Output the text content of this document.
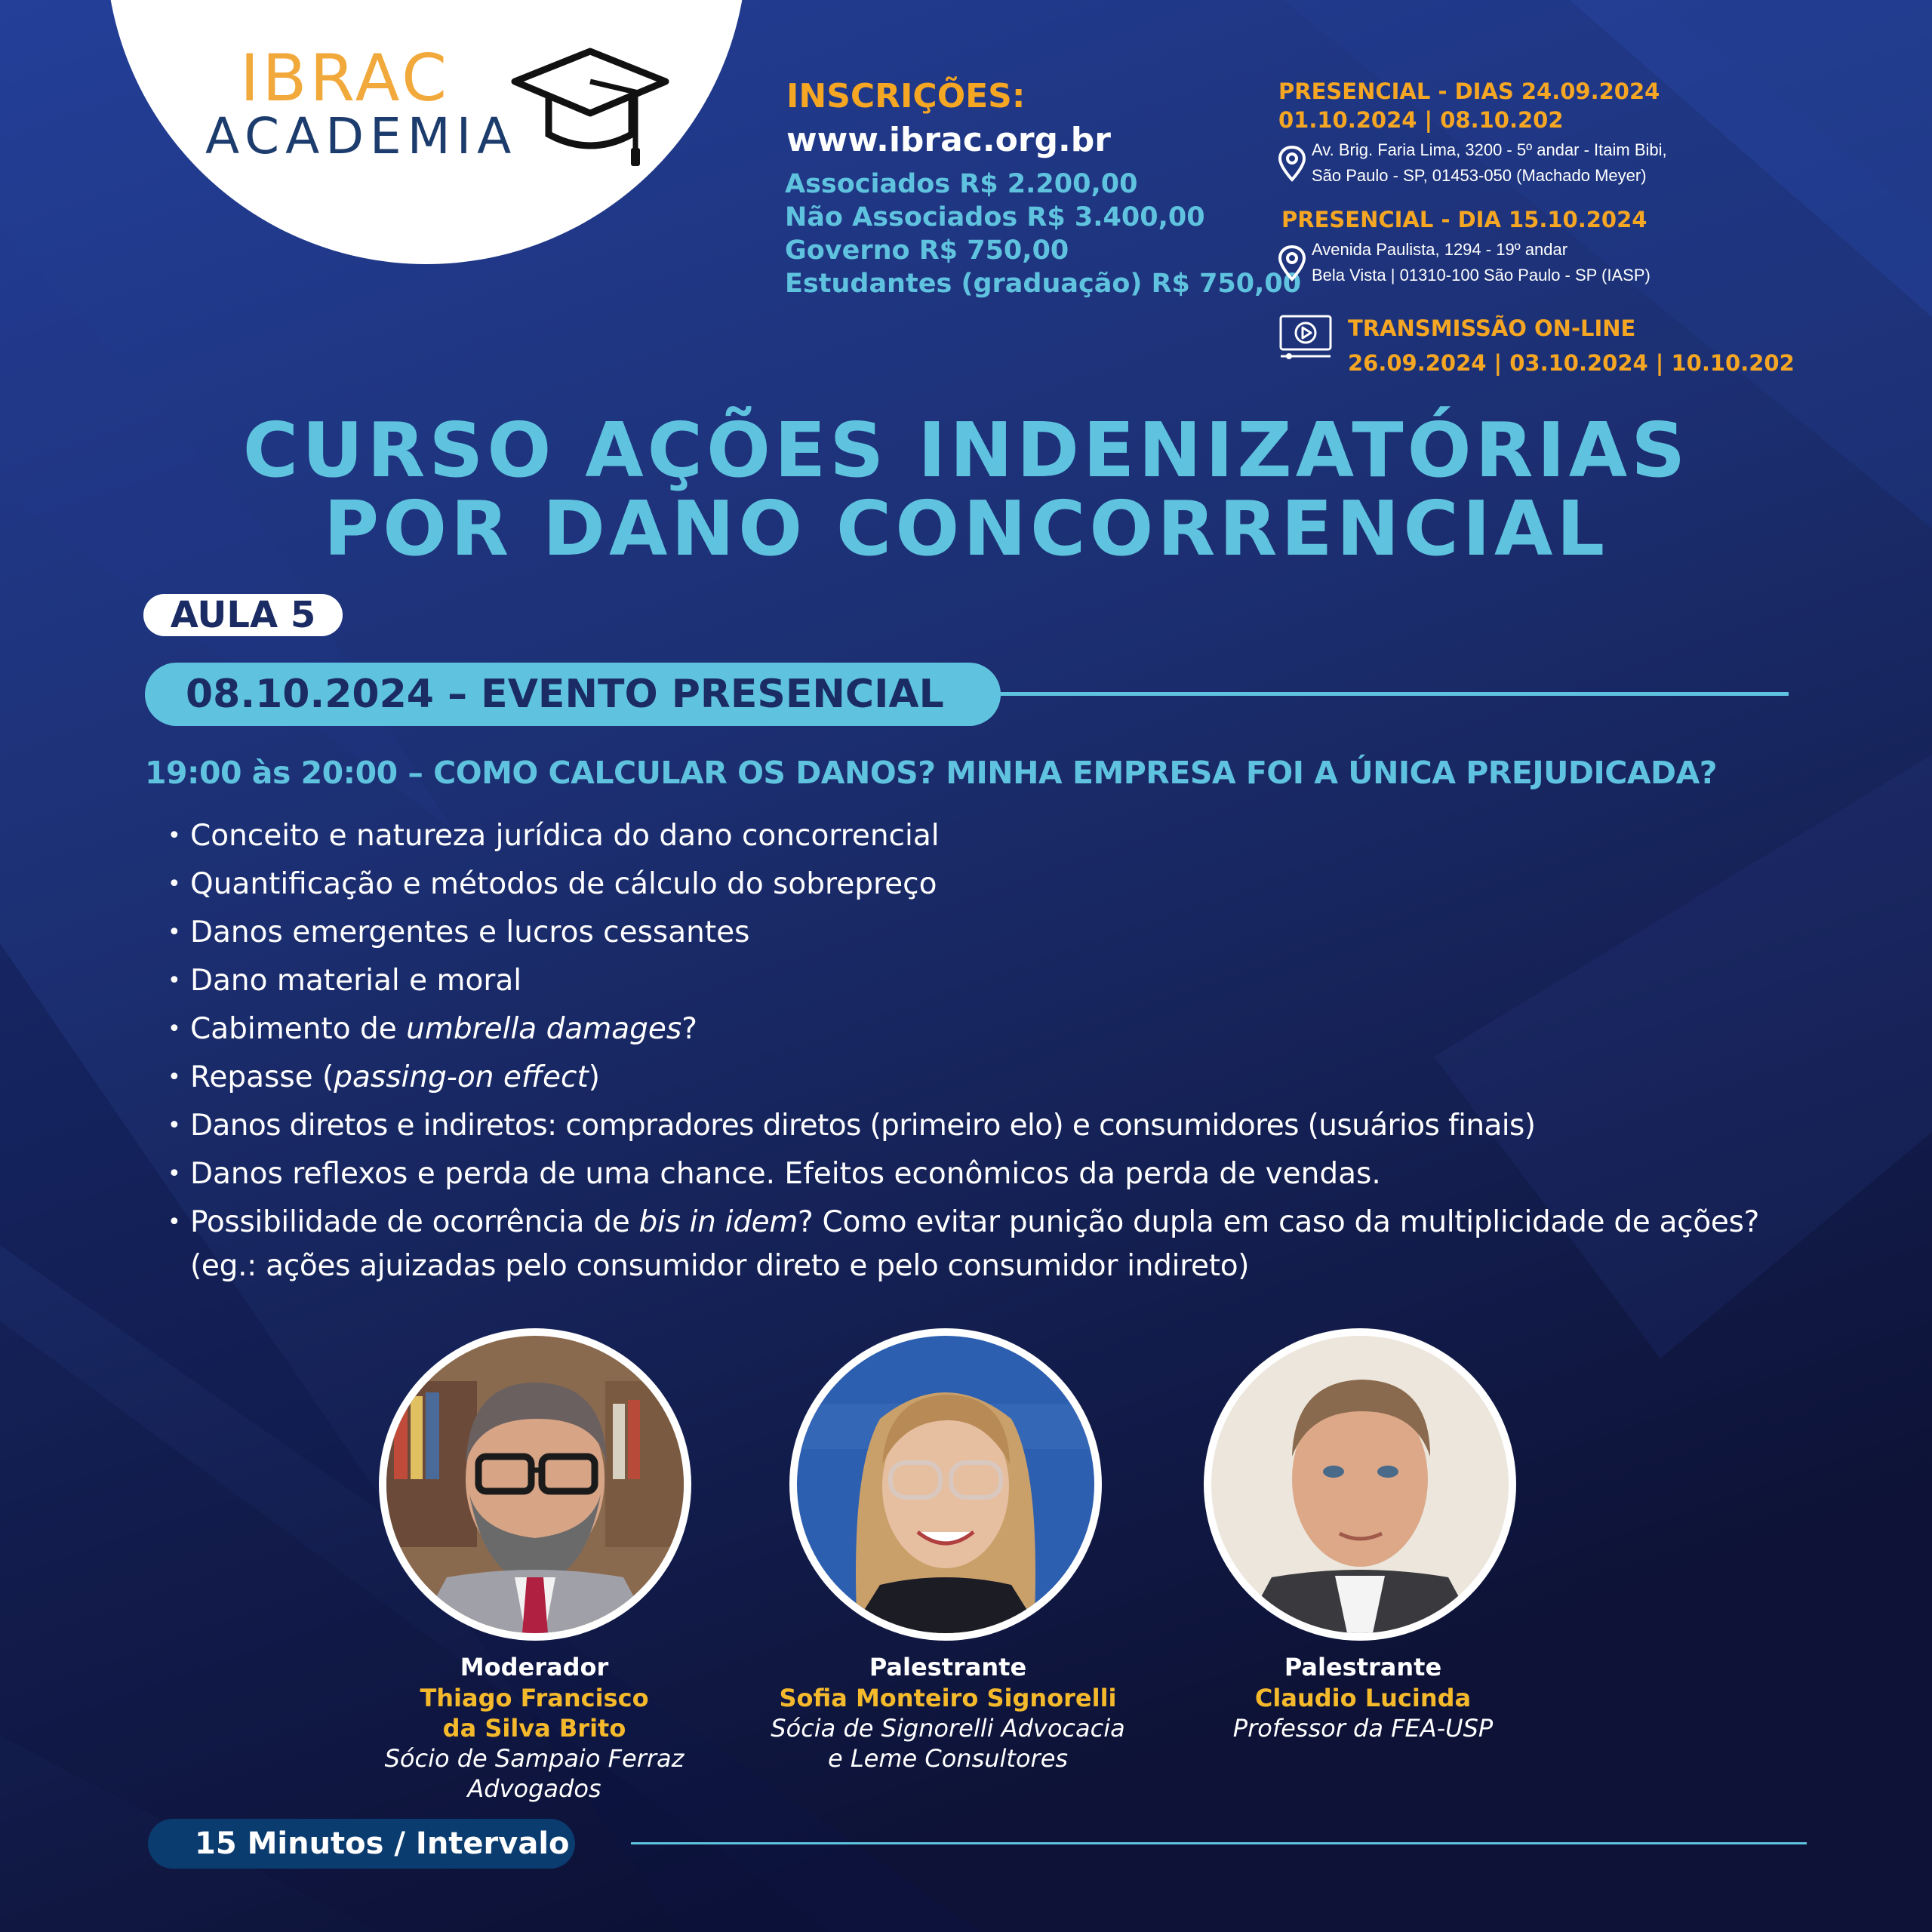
IBRAC
ACADEMIA
INSCRIÇÕES:
www.ibrac.org.br
Associados R$ 2.200,00
Não Associados R$ 3.400,00
Governo R$ 750,00
Estudantes (graduação) R$ 750,00
PRESENCIAL - DIAS 24.09.2024
01.10.2024 | 08.10.202
Av. Brig. Faria Lima, 3200 - 5º andar - Itaim Bibi,
São Paulo - SP, 01453-050 (Machado Meyer)
PRESENCIAL - DIA 15.10.2024
Avenida Paulista, 1294 - 19º andar
Bela Vista | 01310-100 São Paulo - SP (IASP)
TRANSMISSÃO ON-LINE
26.09.2024 | 03.10.2024 | 10.10.202
CURSO AÇÕES INDENIZATÓRIAS
POR DANO CONCORRENCIAL
AULA 5
08.10.2024 – EVENTO PRESENCIAL
19:00 às 20:00 – COMO CALCULAR OS DANOS? MINHA EMPRESA FOI A ÚNICA PREJUDICADA?
• Conceito e natureza jurídica do dano concorrencial
• Quantificação e métodos de cálculo do sobrepreço
• Danos emergentes e lucros cessantes
• Dano material e moral
• Cabimento de umbrella damages?
• Repasse (passing-on effect)
• Danos diretos e indiretos: compradores diretos (primeiro elo) e consumidores (usuários finais)
• Danos reflexos e perda de uma chance. Efeitos econômicos da perda de vendas.
• Possibilidade de ocorrência de bis in idem? Como evitar punição dupla em caso da multiplicidade de ações?
(eg.: ações ajuizadas pelo consumidor direto e pelo consumidor indireto)
Moderador
Thiago Francisco
da Silva Brito
Sócio de Sampaio Ferraz
Advogados
Palestrante
Sofia Monteiro Signorelli
Sócia de Signorelli Advocacia
e Leme Consultores
Palestrante
Claudio Lucinda
Professor da FEA-USP
15 Minutos / Intervalo
